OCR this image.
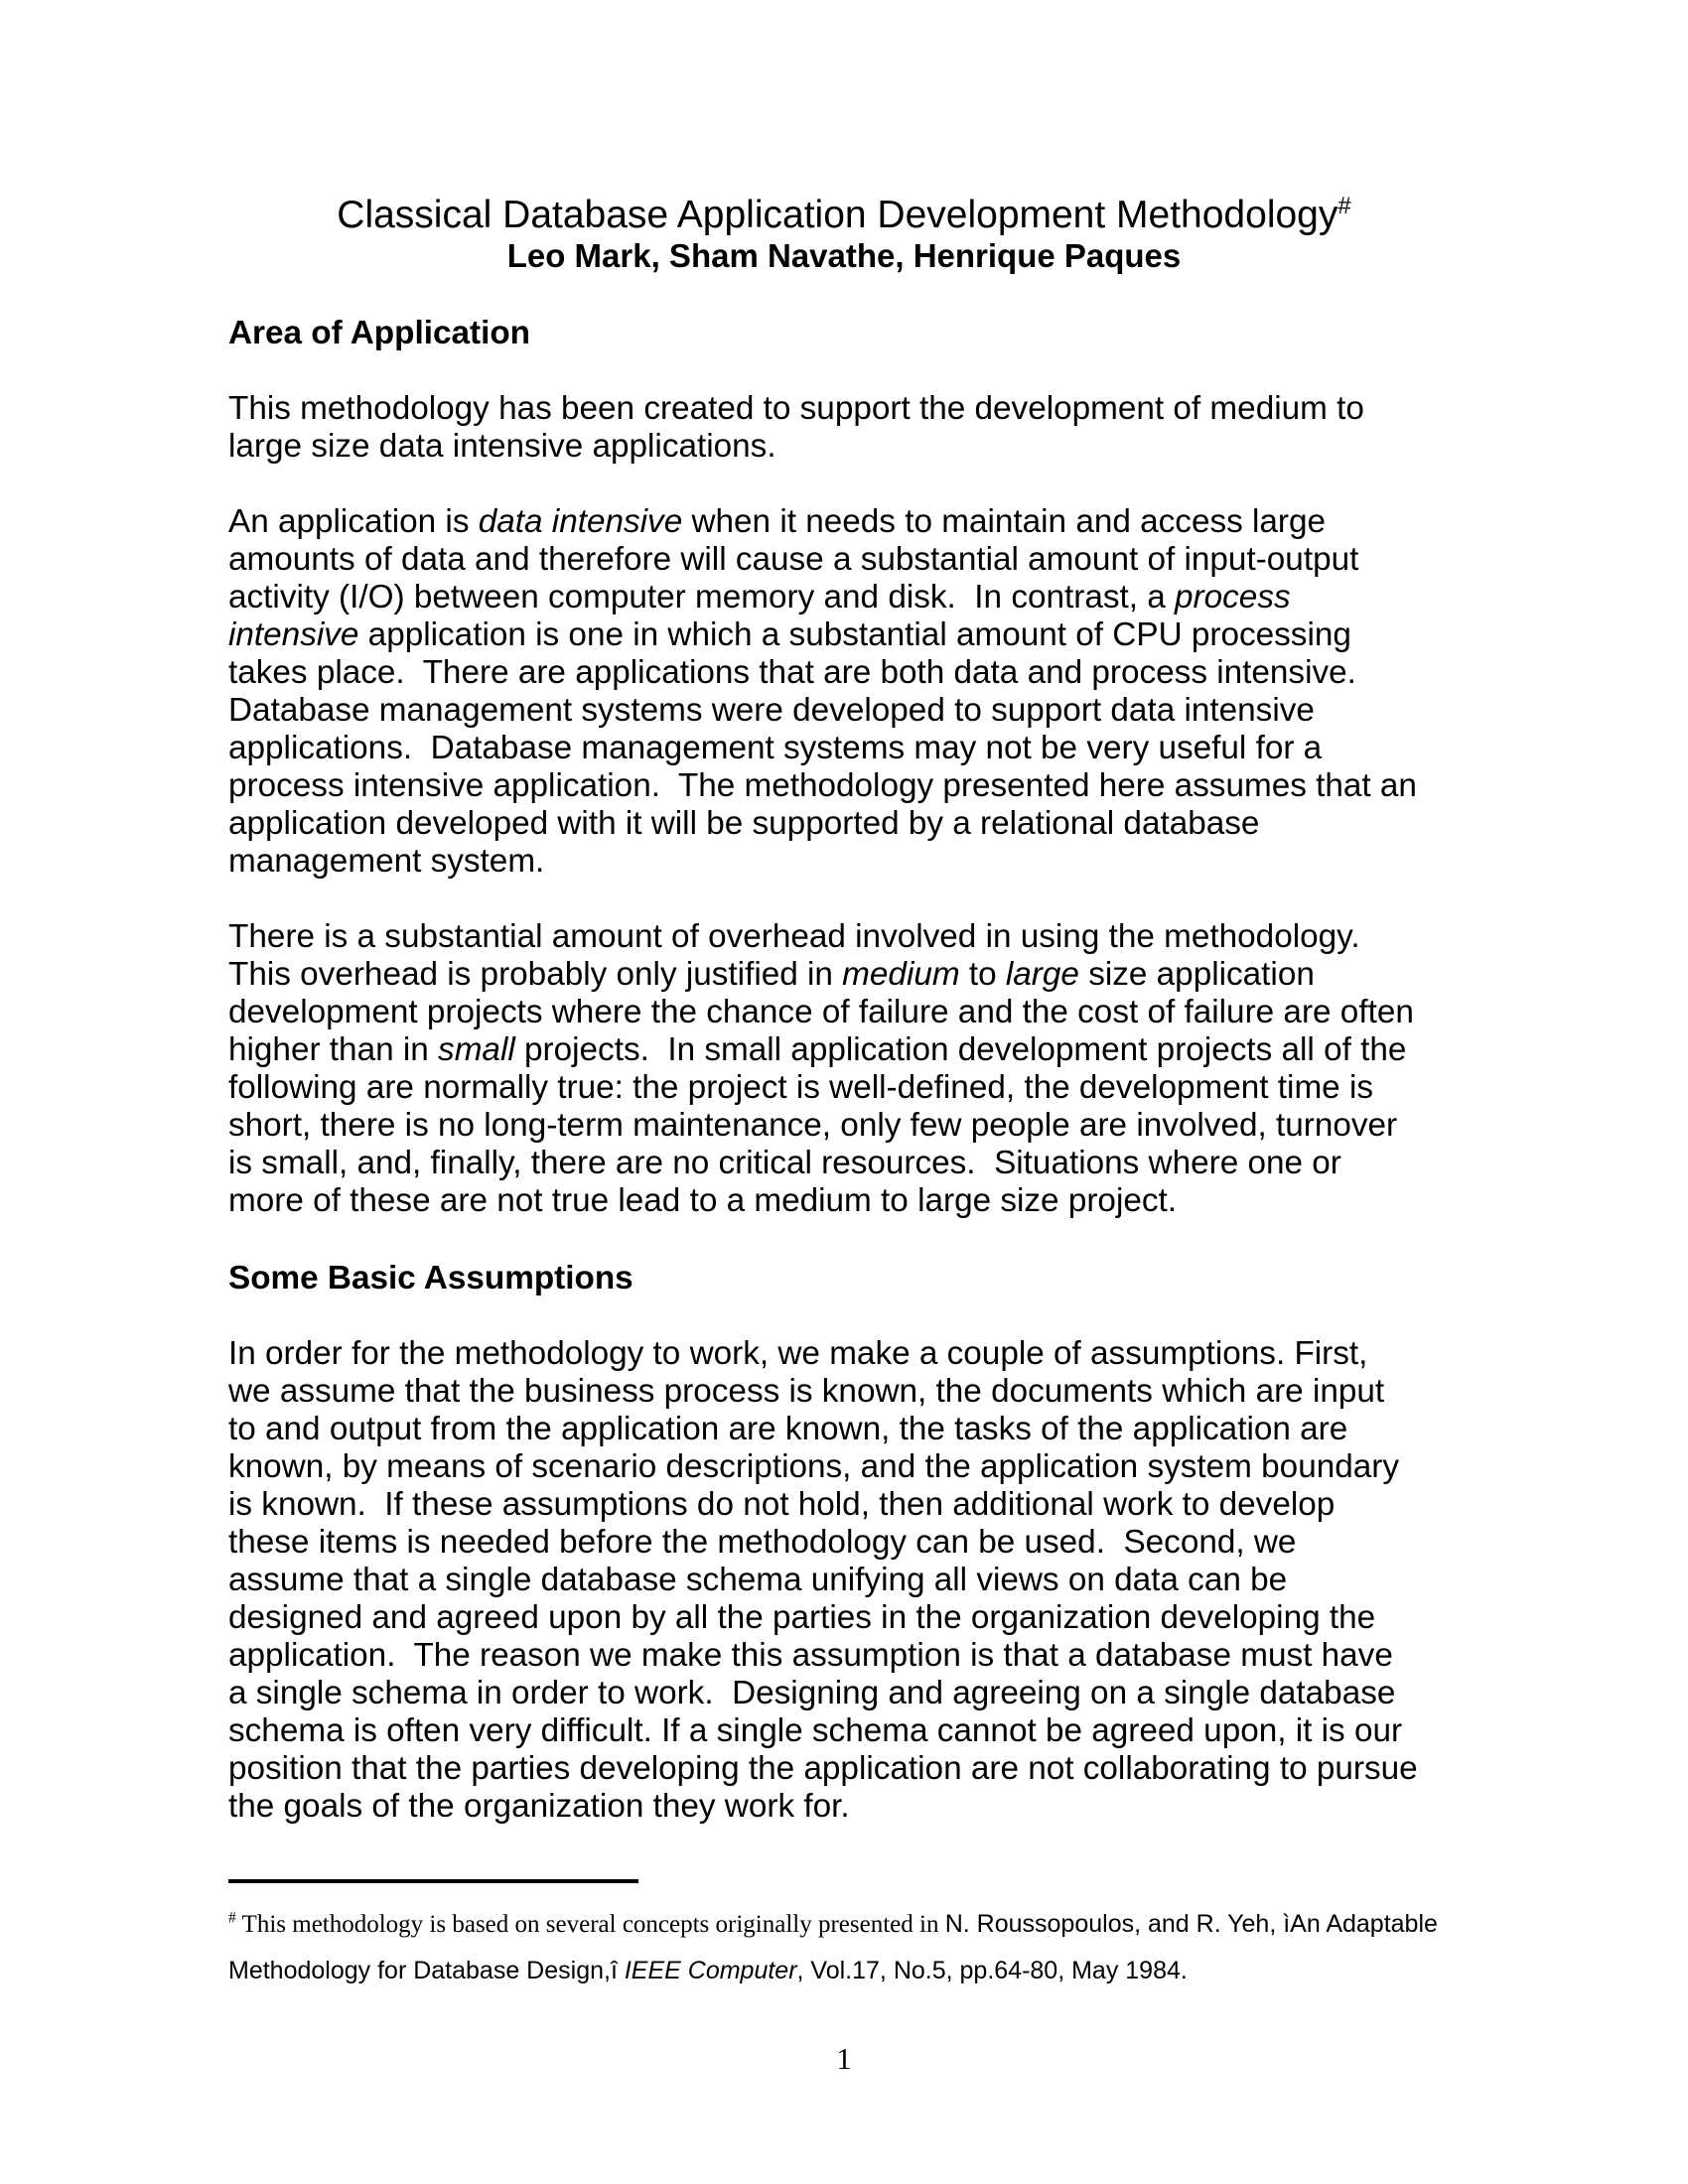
Classical Database Application Development Methodology#
Leo Mark, Sham Navathe, Henrique Paques
Area of Application
This methodology has been created to support the development of medium to large size data intensive applications.
An application is data intensive when it needs to maintain and access large amounts of data and therefore will cause a substantial amount of input-output activity (I/O) between computer memory and disk.  In contrast, a process intensive application is one in which a substantial amount of CPU processing takes place.  There are applications that are both data and process intensive.  Database management systems were developed to support data intensive applications.  Database management systems may not be very useful for a process intensive application.  The methodology presented here assumes that an application developed with it will be supported by a relational database management system.
There is a substantial amount of overhead involved in using the methodology.  This overhead is probably only justified in medium to large size application development projects where the chance of failure and the cost of failure are often higher than in small projects.  In small application development projects all of the following are normally true: the project is well-defined, the development time is short, there is no long-term maintenance, only few people are involved, turnover is small, and, finally, there are no critical resources.  Situations where one or more of these are not true lead to a medium to large size project.
Some Basic Assumptions
In order for the methodology to work, we make a couple of assumptions. First, we assume that the business process is known, the documents which are input to and output from the application are known, the tasks of the application are known, by means of scenario descriptions, and the application system boundary is known.  If these assumptions do not hold, then additional work to develop these items is needed before the methodology can be used.  Second, we assume that a single database schema unifying all views on data can be designed and agreed upon by all the parties in the organization developing the application.  The reason we make this assumption is that a database must have a single schema in order to work.  Designing and agreeing on a single database schema is often very difficult. If a single schema cannot be agreed upon, it is our position that the parties developing the application are not collaborating to pursue the goals of the organization they work for.
# This methodology is based on several concepts originally presented in N. Roussopoulos, and R. Yeh, ìAn Adaptable Methodology for Database Design,î IEEE Computer, Vol.17, No.5, pp.64-80, May 1984.
1
